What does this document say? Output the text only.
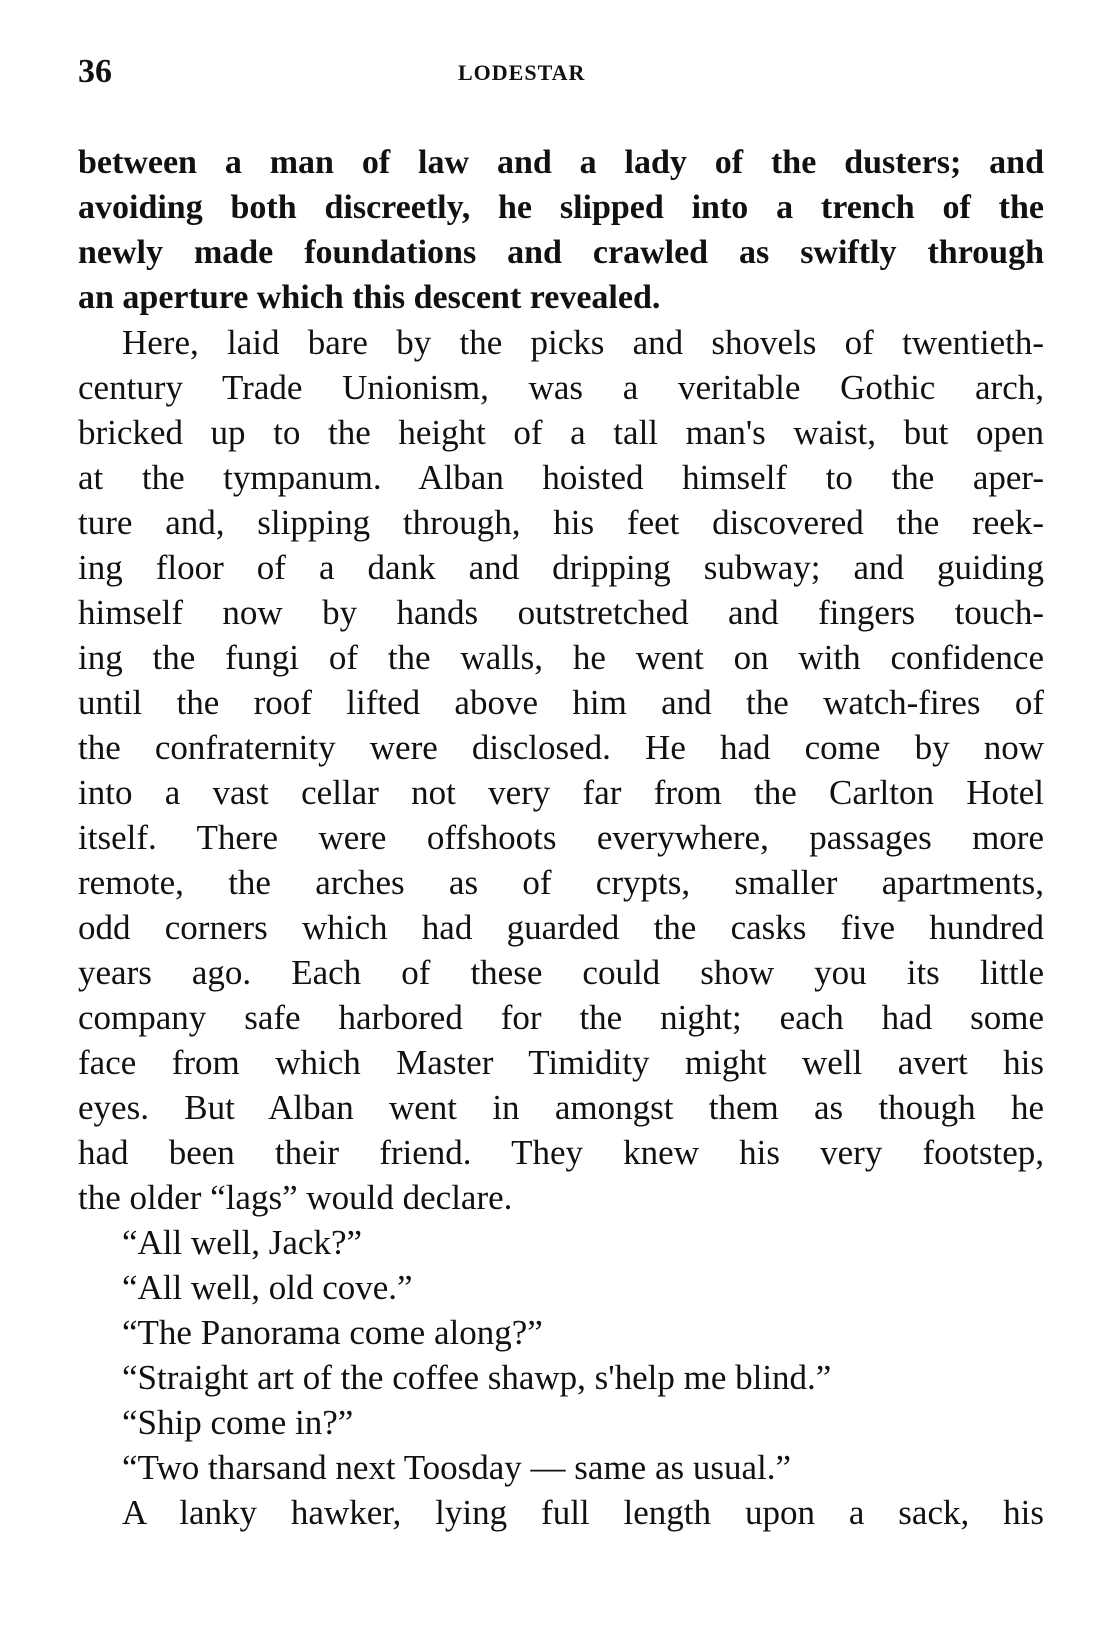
36	LODESTAR
between a man of law and a lady of the dusters; and
avoiding both discreetly, he slipped into a trench of the
newly made foundations and crawled as swiftly through
an aperture which this descent revealed.
Here, laid bare by the picks and shovels of twentieth-
century Trade Unionism, was a veritable Gothic arch,
bricked up to the height of a tall man's waist, but open
at the tympanum. Alban hoisted himself to the aper-
ture and, slipping through, his feet discovered the reek-
ing floor of a dank and dripping subway; and guiding
himself now by hands outstretched and fingers touch-
ing the fungi of the walls, he went on with confidence
until the roof lifted above him and the watch-fires of
the confraternity were disclosed. He had come by now
into a vast cellar not very far from the Carlton Hotel
itself. There were offshoots everywhere, passages more
remote, the arches as of crypts, smaller apartments,
odd corners which had guarded the casks five hundred
years ago. Each of these could show you its little
company safe harbored for the night; each had some
face from which Master Timidity might well avert his
eyes. But Alban went in amongst them as though he
had been their friend. They knew his very footstep,
the older “lags” would declare.
“All well, Jack?”
“All well, old cove.”
“The Panorama come along?”
“Straight art of the coffee shawp, s'help me blind.”
“Ship come in?”
“Two tharsand next Toosday — same as usual.”
A lanky hawker, lying full length upon a sack, his
